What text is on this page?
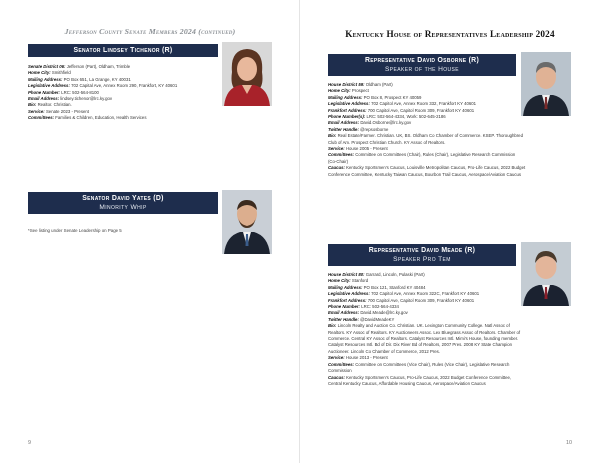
Jefferson County Senate Members 2024 (continued)
Senator Lindsey Tichenor (R)
Senate District 06: Jefferson (Part), Oldham, Trimble
Home City: Smithfield
Mailing Address: PO Box 651, La Grange, KY 40031
Legislative Address: 702 Capital Ave, Annex Room 290, Frankfort, KY 40601
Phone Number: LRC: 502-564-8100
Email Address: lindsey.tichenor@lrc.ky.gov
Bio: Realtor. Christian.
Service: Senate 2023 - Present
Committees: Families & Children, Education, Health Services
Senator David Yates (D)
Minority Whip
*See listing under Senate Leadership on Page 5
9
Kentucky House of Representatives Leadership 2024
Representative David Osborne (R)
Speaker of the House
House District 59: Oldham (Part)
Home City: Prospect
Mailing Address: PO Box 8, Prospect KY 40059
Legislative Address: 702 Capitol Ave, Annex Room 332, Frankfort KY 40601
Frankfort Address: 700 Capitol Ave, Capitol Room 309, Frankfort KY 40601
Phone Number(s): LRC: 502-564-4334, Work: 502-645-2186
Email Address: David.Osborne@lrc.ky.gov
Twitter Handle: @repsosborne
Bio: Real Estate/Farmer. Christian. UK, BS. Oldham Co Chamber of Commerce. KSEP. Thoroughbred
Club of Am. Prospect Christian Church. KY Assoc of Realtors.
Service: House 2005 - Present
Committees: Committee on Committees (Chair), Rules (Chair), Legislative Research Commission
(Co-Chair)
Caucus: Kentucky Sportsmen's Caucus, Louisville Metropolitan Caucus, Pro-Life Caucus, 2022 Budget
Conference Committee, Kentucky Taiwan Caucus, Bourbon Trail Caucus, Aerospace/Aviation Caucus
Representative David Meade (R)
Speaker Pro Tem
House District 80: Garrard, Lincoln, Pulaski (Part)
Home City: Stanford
Mailing Address: PO Box 121, Stanford KY 40484
Legislative Address: 702 Capitol Ave, Annex Room 322C, Frankfort KY 40601
Frankfort Address: 700 Capitol Ave, Capitol Room 309, Frankfort KY 40601
Phone Number: LRC: 502-564-4334
Email Address: David.Meade@lrc.ky.gov
Twitter Handle: @DavidMeadeKY
Bio: Lincoln Realty and Auction Co. Christian. UK. Lexington Community College. Natl Assoc of
Realtors. KY Assoc of Realtors. KY Auctioneers Assoc. Lex Bluegrass Assoc of Realtors. Chamber of
Commerce. Central KY Assoc of Realtors. Catalyst Resources Intl. Mimi's House, founding member.
Catalyst Resources Intl. Bd of Dir. Dix River Bd of Realtors, 2007 Pres. 2008 KY State Champion
Auctioneer. Lincoln Co Chamber of Commerce, 2012 Pres.
Service: House 2013 - Present
Committees: Committee on Committees (Vice Chair), Rules (Vice Chair), Legislative Research
Commission
Caucus: Kentucky Sportsmen's Caucus, Pro-Life Caucus, 2022 Budget Conference Committee,
Central Kentucky Caucus, Affordable Housing Caucus, Aerospace/Aviation Caucus
10
